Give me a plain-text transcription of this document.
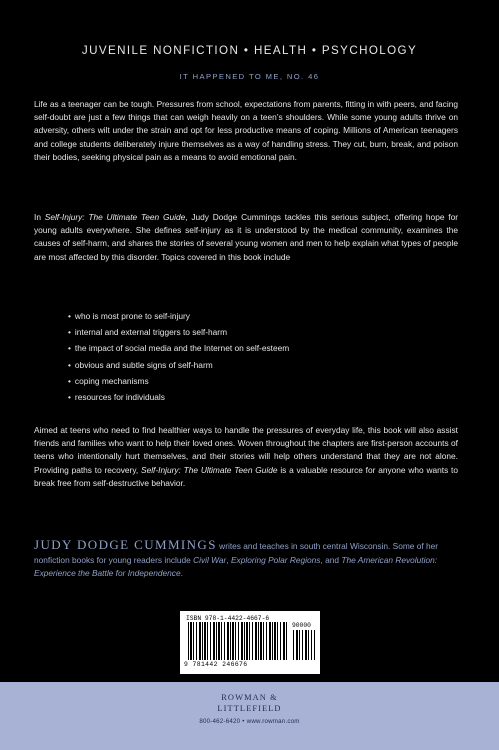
JUVENILE NONFICTION • HEALTH • PSYCHOLOGY
IT HAPPENED TO ME, NO. 46

Life as a teenager can be tough. Pressures from school, expectations from parents, fitting in with peers, and facing self-doubt are just a few things that can weigh heavily on a teen’s shoulders. While some young adults thrive on adversity, others wilt under the strain and opt for less productive means of coping. Millions of American teenagers and college students deliberately injure themselves as a way of handling stress. They cut, burn, break, and poison their bodies, seeking physical pain as a means to avoid emotional pain.

In Self-Injury: The Ultimate Teen Guide, Judy Dodge Cummings tackles this serious subject, offering hope for young adults everywhere. She defines self-injury as it is understood by the medical community, examines the causes of self-harm, and shares the stories of several young women and men to help explain what types of people are most affected by this disorder. Topics covered in this book include

• who is most prone to self-injury
• internal and external triggers to self-harm
• the impact of social media and the Internet on self-esteem
• obvious and subtle signs of self-harm
• coping mechanisms
• resources for individuals

Aimed at teens who need to find healthier ways to handle the pressures of everyday life, this book will also assist friends and families who want to help their loved ones. Woven throughout the chapters are first-person accounts of teens who intentionally hurt themselves, and their stories will help others understand that they are not alone. Providing paths to recovery, Self-Injury: The Ultimate Teen Guide is a valuable resource for anyone who wants to break free from self-destructive behavior.

JUDY DODGE CUMMINGS writes and teaches in south central Wisconsin. Some of her nonfiction books for young readers include Civil War, Exploring Polar Regions, and The American Revolution: Experience the Battle for Independence.

ISBN 978-1-4422-4667-6
9 781442 246676
90000
ROWMAN &
LITTLEFIELD
800-462-6420 • www.rowman.com
